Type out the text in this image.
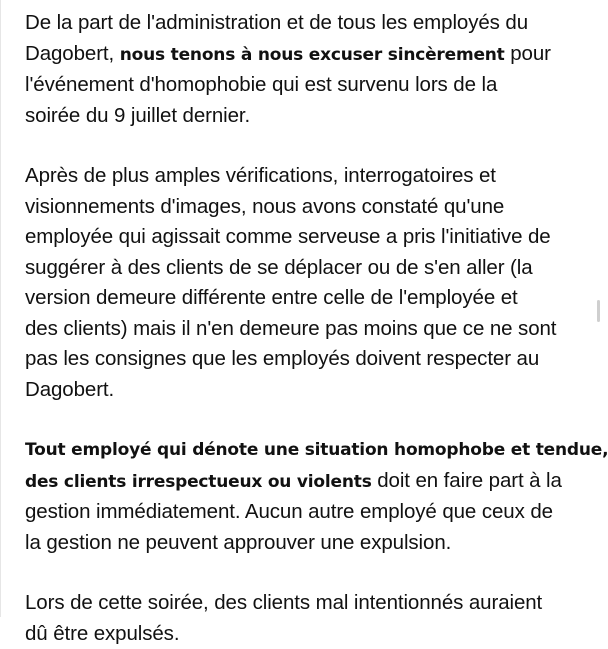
De la part de l'administration et de tous les employés du
Dagobert, nous tenons à nous excuser sincèrement pour
l'événement d'homophobie qui est survenu lors de la
soirée du 9 juillet dernier.

Après de plus amples vérifications, interrogatoires et
visionnements d'images, nous avons constaté qu'une
employée qui agissait comme serveuse a pris l'initiative de
suggérer à des clients de se déplacer ou de s'en aller (la
version demeure différente entre celle de l'employée et
des clients) mais il n'en demeure pas moins que ce ne sont
pas les consignes que les employés doivent respecter au
Dagobert.

Tout employé qui dénote une situation homophobe et tendue,
des clients irrespectueux ou violents doit en faire part à la
gestion immédiatement. Aucun autre employé que ceux de
la gestion ne peuvent approuver une expulsion.

Lors de cette soirée, des clients mal intentionnés auraient
dû être expulsés.
